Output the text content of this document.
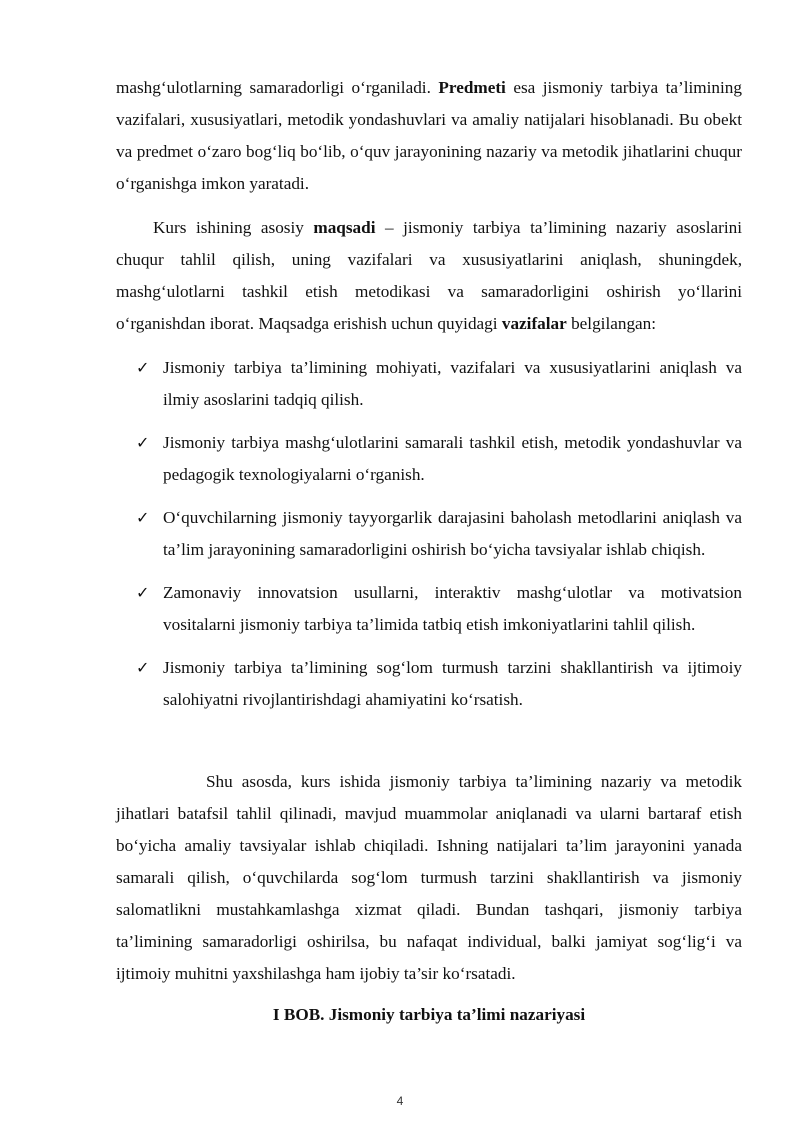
mashg‘ulotlarning samaradorligi o‘rganiladi. Predmeti esa jismoniy tarbiya ta’limining vazifalari, xususiyatlari, metodik yondashuvlari va amaliy natijalari hisoblanadi. Bu obekt va predmet o‘zaro bog‘liq bo‘lib, o‘quv jarayonining nazariy va metodik jihatlarini chuqur o‘rganishga imkon yaratadi.

Kurs ishining asosiy maqsadi – jismoniy tarbiya ta’limining nazariy asoslarini chuqur tahlil qilish, uning vazifalari va xususiyatlarini aniqlash, shuningdek, mashg‘ulotlarni tashkil etish metodikasi va samaradorligini oshirish yo‘llarini o‘rganishdan iborat. Maqsadga erishish uchun quyidagi vazifalar belgilangan:

✓ Jismoniy tarbiya ta’limining mohiyati, vazifalari va xususiyatlarini aniqlash va ilmiy asoslarini tadqiq qilish.
✓ Jismoniy tarbiya mashg‘ulotlarini samarali tashkil etish, metodik yondashuvlar va pedagogik texnologiyalarni o‘rganish.
✓ O‘quvchilarning jismoniy tayyorgarlik darajasini baholash metodlarini aniqlash va ta’lim jarayonining samaradorligini oshirish bo‘yicha tavsiyalar ishlab chiqish.
✓ Zamonaviy innovatsion usullarni, interaktiv mashg‘ulotlar va motivatsion vositalarni jismoniy tarbiya ta’limida tatbiq etish imkoniyatlarini tahlil qilish.
✓ Jismoniy tarbiya ta’limining sog‘lom turmush tarzini shakllantirish va ijtimoiy salohiyatni rivojlantirishdagi ahamiyatini ko‘rsatish.

Shu asosda, kurs ishida jismoniy tarbiya ta’limining nazariy va metodik jihatlari batafsil tahlil qilinadi, mavjud muammolar aniqlanadi va ularni bartaraf etish bo‘yicha amaliy tavsiyalar ishlab chiqiladi. Ishning natijalari ta’lim jarayonini yanada samarali qilish, o‘quvchilarda sog‘lom turmush tarzini shakllantirish va jismoniy salomatlikni mustahkamlashga xizmat qiladi. Bundan tashqari, jismoniy tarbiya ta’limining samaradorligi oshirilsa, bu nafaqat individual, balki jamiyat sog‘lig‘i va ijtimoiy muhitni yaxshilashga ham ijobiy ta’sir ko‘rsatadi.

I BOB. Jismoniy tarbiya ta’limi nazariyasi
4
